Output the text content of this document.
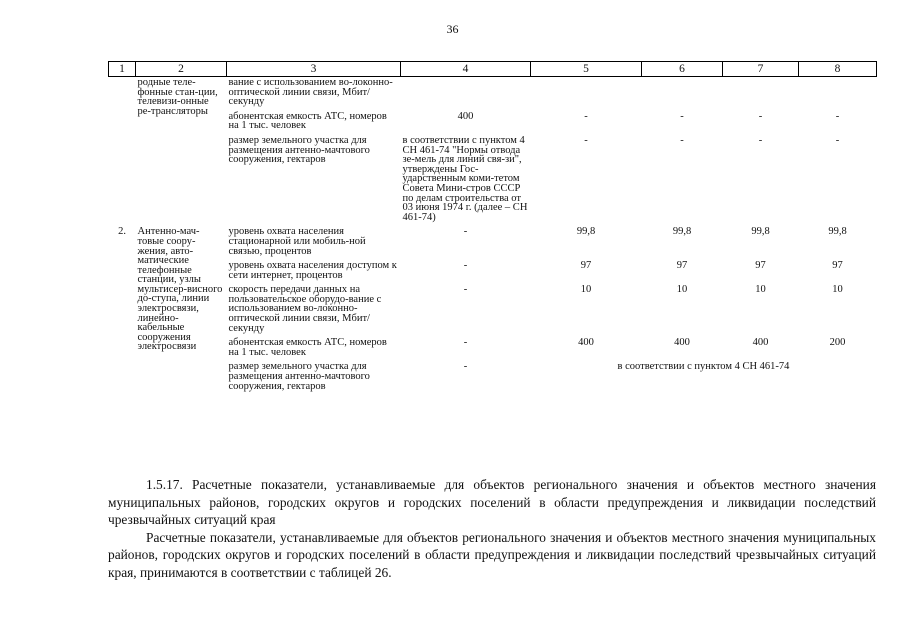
36
1	2	3	4	5	6	7	8
	родные теле-фонные стан-ции, телевизи-онные ре-трансляторы	вание с использованием во-локонно-оптической линии связи, Мбит/секунду					
		абонентская емкость АТС, номеров на 1 тыс. человек	400	-	-	-	-
		размер земельного участка для размещения антенно-мачтового сооружения, гектаров	в соответствии с пунктом 4 СН 461-74 "Нормы отвода зе-мель для линий свя-зи", утверждены Гос-ударственным коми-тетом Совета Мини-стров СССР по делам строительства от 03 июня 1974 г. (далее – СН 461-74)	-	-	-	-
2.	Антенно-мач-товые соору-жения, авто-матические телефонные станции, узлы мультисер-висного до-ступа, линии электросвязи, линейно-кабельные сооружения электросвязи	уровень охвата населения стационарной или мобиль-ной связью, процентов	-	99,8	99,8	99,8	99,8
		уровень охвата населения доступом к сети интернет, процентов	-	97	97	97	97
		скорость передачи данных на пользовательское оборудо-вание с использованием во-локонно-оптической линии связи, Мбит/секунду	-	10	10	10	10
		абонентская емкость АТС, номеров на 1 тыс. человек	-	400	400	400	200
		размер земельного участка для размещения антенно-мачтового сооружения, гектаров	-	в соответствии с пунктом 4 СН 461-74			

1.5.17. Расчетные показатели, устанавливаемые для объектов регионального значения и объектов местного значения муниципальных районов, городских округов и городских поселений в области предупреждения и ликвидации последствий чрезвычайных ситуаций края

Расчетные показатели, устанавливаемые для объектов регионального значения и объектов местного значения муниципальных районов, городских округов и городских поселений в области предупреждения и ликвидации последствий чрезвычайных ситуаций края, принимаются в соответствии с таблицей 26.
